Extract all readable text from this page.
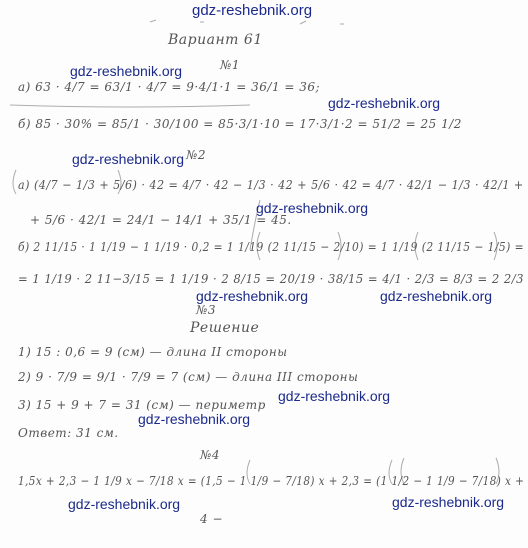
gdz-reshebnik.org
Вариант 61
gdz-reshebnik.org	№1
а) 63 · 4/7 = 63/1 · 4/7 = 9·4/1·1 = 36/1 = 36;
gdz-reshebnik.org
б) 85 · 30% = 85/1 · 30/100 = 85·3/1·10 = 17·3/1·2 = 51/2 = 25 1/2
gdz-reshebnik.org №2
а) (4/7 − 1/3 + 5/6) · 42 = 4/7 · 42 − 1/3 · 42 + 5/6 · 42 = 4/7 · 42/1 − 1/3 · 42/1 +
gdz-reshebnik.org
+ 5/6 · 42/1 = 24/1 − 14/1 + 35/1 = 45.
б) 2 11/15 · 1 1/19 − 1 1/19 · 0,2 = 1 1/19 (2 11/15 − 2/10) = 1 1/19 (2 11/15 − 1/5) =
= 1 1/19 · 2 11−3/15 = 1 1/19 · 2 8/15 = 20/19 · 38/15 = 4/1 · 2/3 = 8/3 = 2 2/3
gdz-reshebnik.org	gdz-reshebnik.org
№3
Решение
1) 15 : 0,6 = 9 (см) — длина II стороны
2) 9 · 7/9 = 9/1 · 7/9 = 7 (см) — длина III стороны
gdz-reshebnik.org
3) 15 + 9 + 7 = 31 (см) — периметр
gdz-reshebnik.org
Ответ: 31 см.
№4
1,5x + 2,3 − 1 1/9 x − 7/18 x = (1,5 − 1 1/9 − 7/18) x + 2,3 = (1 1/2 − 1 1/9 − 7/18) x +
gdz-reshebnik.org	gdz-reshebnik.org
4 −
